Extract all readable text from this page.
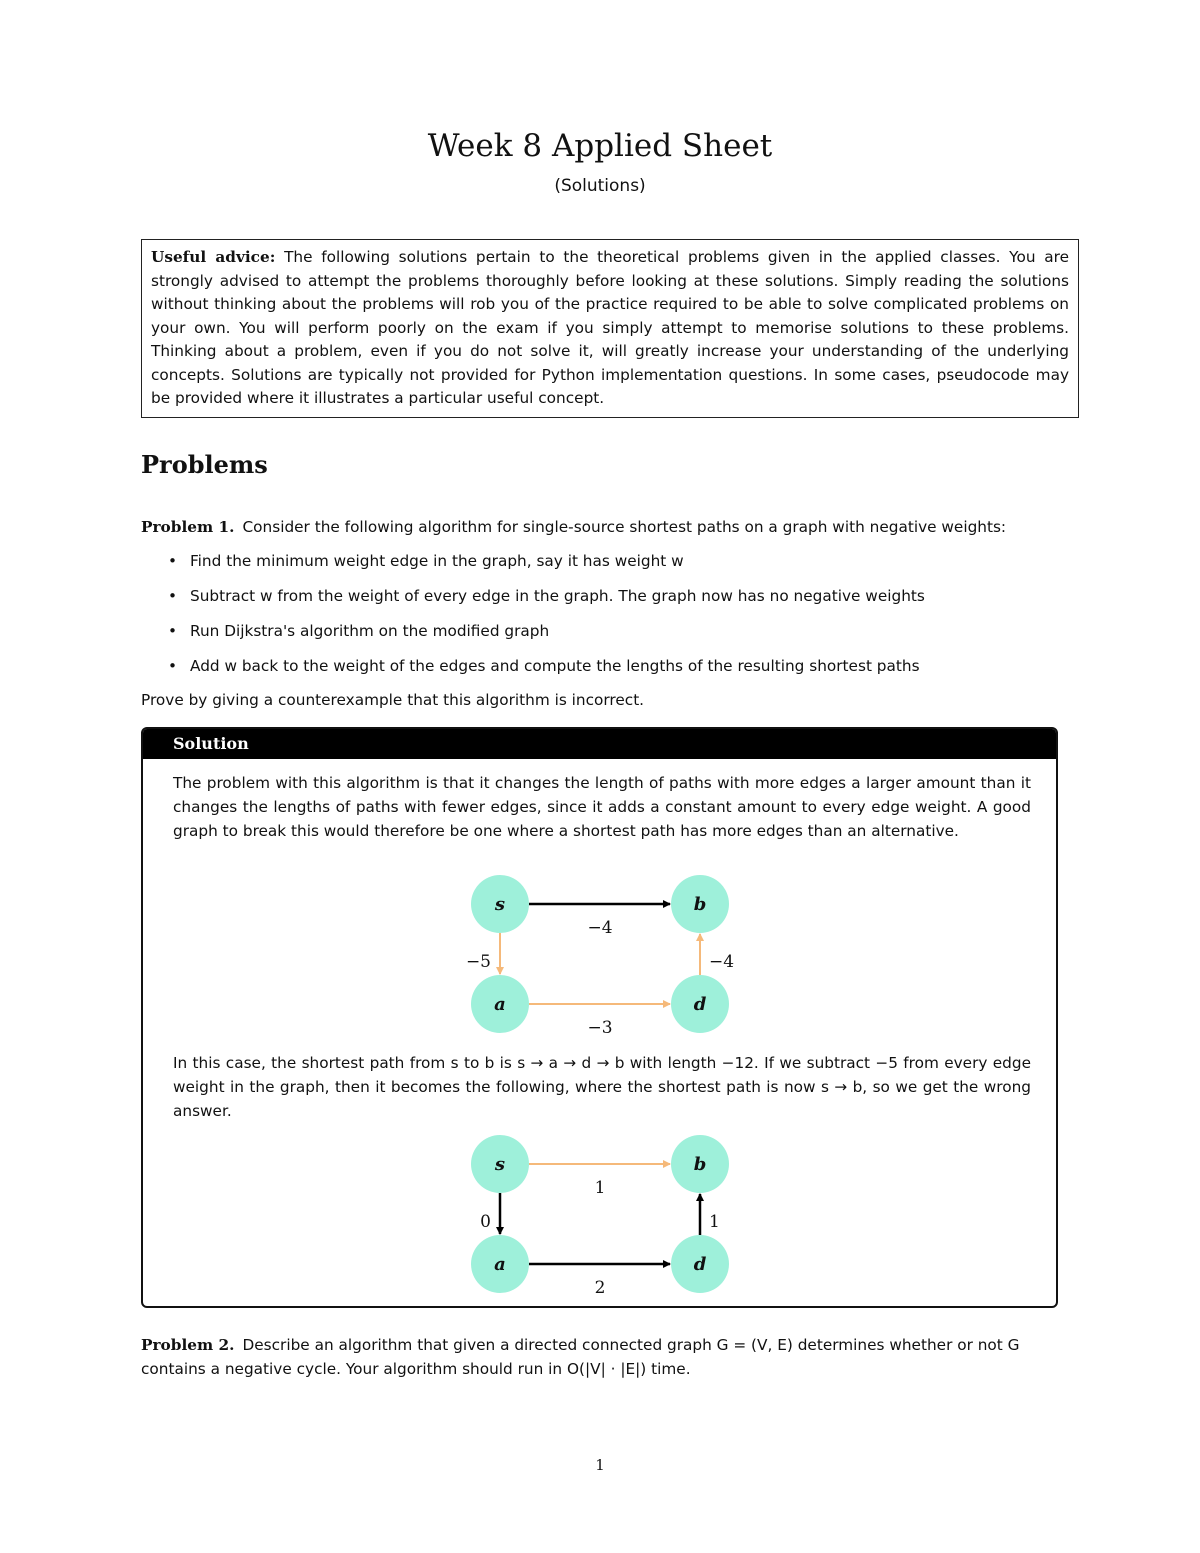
Week 8 Applied Sheet
(Solutions)
Useful advice: The following solutions pertain to the theoretical problems given in the applied classes. You are strongly advised to attempt the problems thoroughly before looking at these solutions. Simply reading the solutions without thinking about the problems will rob you of the practice required to be able to solve complicated problems on your own. You will perform poorly on the exam if you simply attempt to memorise solutions to these problems. Thinking about a problem, even if you do not solve it, will greatly increase your understanding of the underlying concepts. Solutions are typically not provided for Python implementation questions. In some cases, pseudocode may be provided where it illustrates a particular useful concept.
Problems
Problem 1. Consider the following algorithm for single-source shortest paths on a graph with negative weights:
• Find the minimum weight edge in the graph, say it has weight w
• Subtract w from the weight of every edge in the graph. The graph now has no negative weights
• Run Dijkstra's algorithm on the modified graph
• Add w back to the weight of the edges and compute the lengths of the resulting shortest paths
Prove by giving a counterexample that this algorithm is incorrect.
Solution
The problem with this algorithm is that it changes the length of paths with more edges a larger amount than it changes the lengths of paths with fewer edges, since it adds a constant amount to every edge weight. A good graph to break this would therefore be one where a shortest path has more edges than an alternative.
−4
−5
−3
−4
s	b
a	d
1
0
2
1
s	b
a	d
In this case, the shortest path from s to b is s → a → d → b with length −12. If we subtract −5 from every edge weight in the graph, then it becomes the following, where the shortest path is now s → b, so we get the wrong answer.
Problem 2. Describe an algorithm that given a directed connected graph G = (V, E) determines whether or not G contains a negative cycle. Your algorithm should run in O(|V| · |E|) time.
1
